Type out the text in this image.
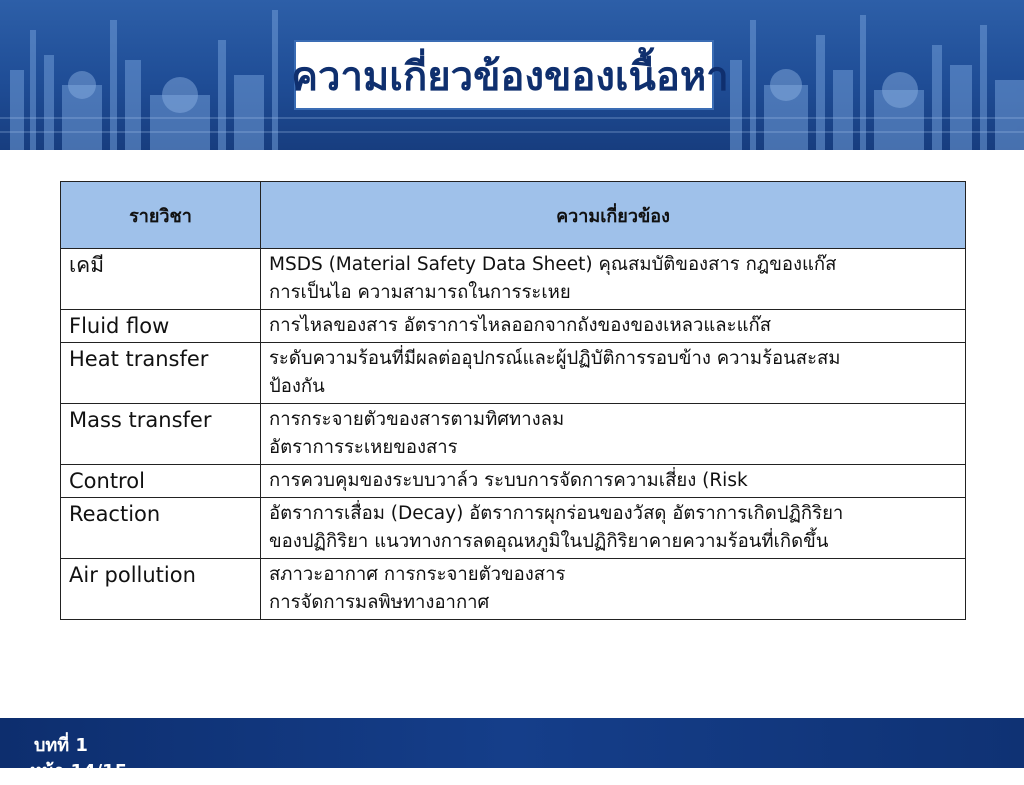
ความเกี่ยวข้องของเนื้อหา
รายวิชา	ความเกี่ยวข้อง
เคมี	MSDS (Material Safety Data Sheet) คุณสมบัติของสาร กฎของแก๊ส
การเป็นไอ ความสามารถในการระเหย

Fluid flow	การไหลของสาร อัตราการไหลออกจากถังของของเหลวและแก๊ส

Heat transfer	ระดับความร้อนที่มีผลต่ออุปกรณ์และผู้ปฏิบัติการรอบข้าง ความร้อนสะสม
ป้องกัน

Mass transfer	การกระจายตัวของสารตามทิศทางลม
อัตราการระเหยของสาร

Control	การควบคุมของระบบวาล์ว ระบบการจัดการความเสี่ยง (Risk

Reaction	อัตราการเสื่อม (Decay) อัตราการผุกร่อนของวัสดุ อัตราการเกิดปฏิกิริยา
ของปฏิกิริยา แนวทางการลดอุณหภูมิในปฏิกิริยาคายความร้อนที่เกิดขึ้น

Air pollution	สภาวะอากาศ การกระจายตัวของสาร
การจัดการมลพิษทางอากาศ
บทที่ 1
หน้า 14/15
